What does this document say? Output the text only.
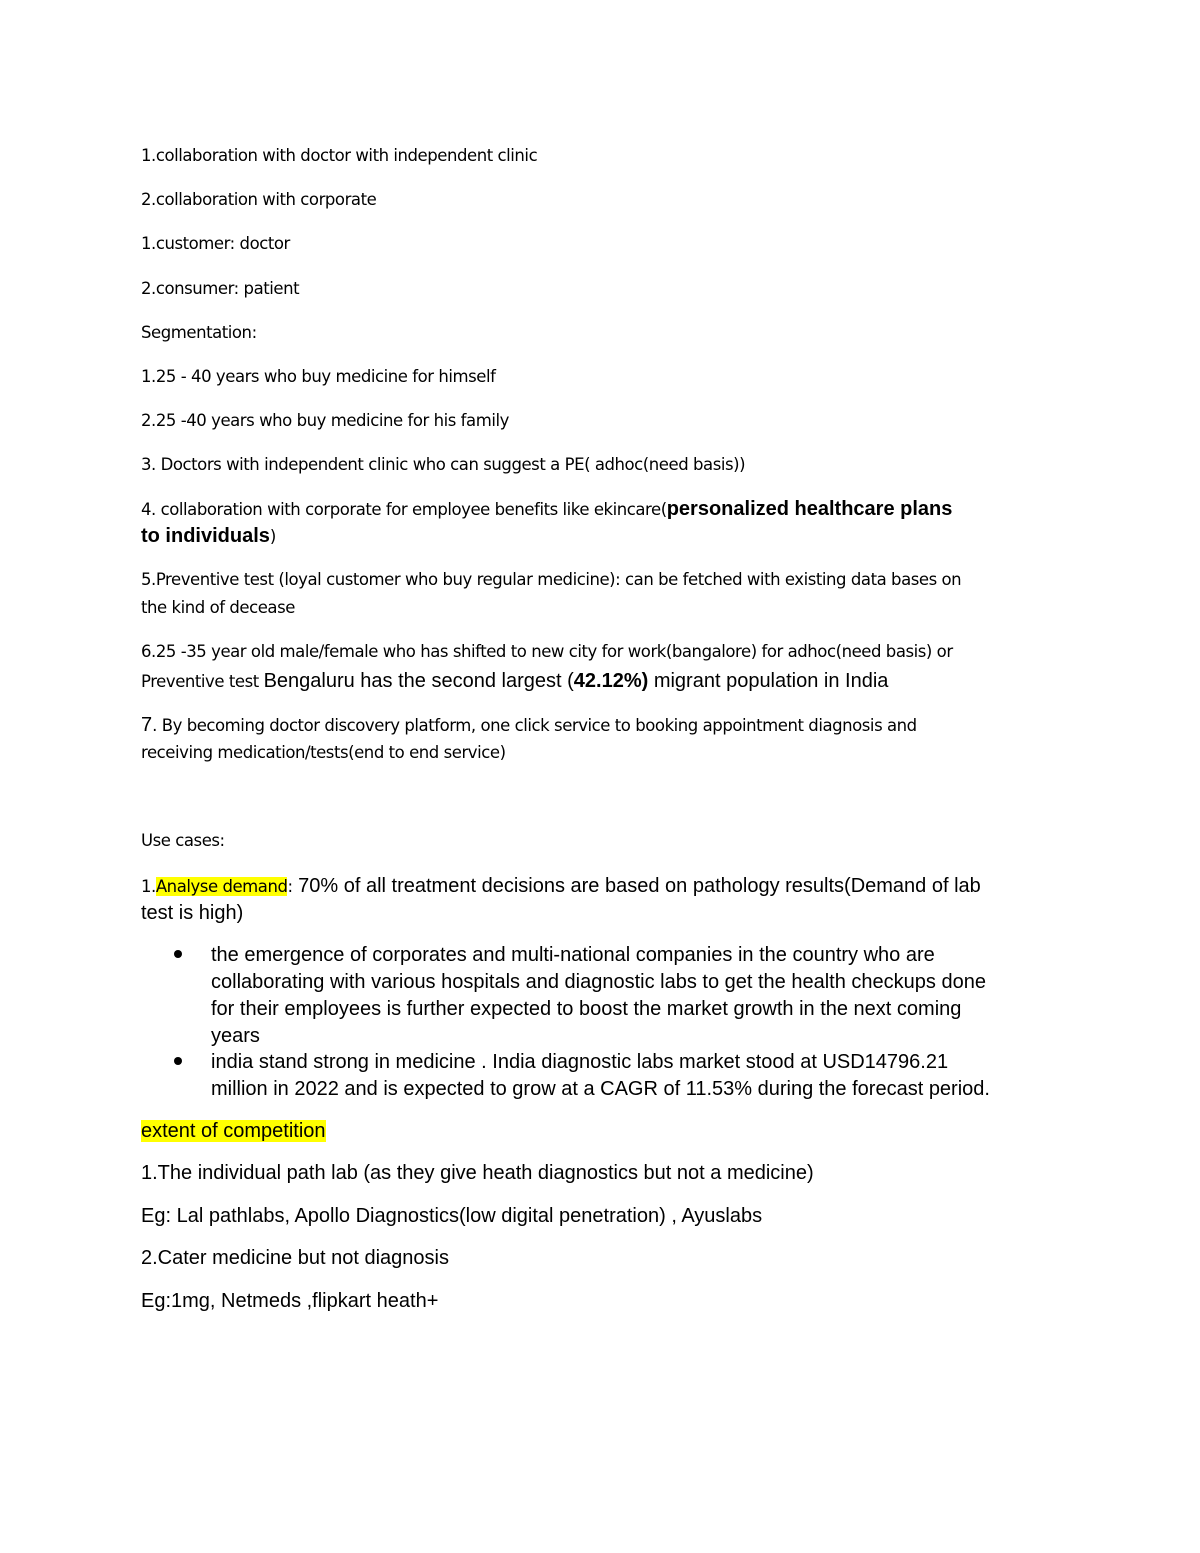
1.collaboration with doctor with independent clinic
2.collaboration with corporate
1.customer: doctor
2.consumer: patient
Segmentation:
1.25 - 40 years who buy medicine for himself
2.25 -40 years who buy medicine for his family
3. Doctors with independent clinic who can suggest a PE( adhoc(need basis))
4. collaboration with corporate for employee benefits like ekincare(personalized healthcare plans
to individuals)
5.Preventive test (loyal customer who buy regular medicine): can be fetched with existing data bases on
the kind of decease
6.25 -35 year old male/female who has shifted to new city for work(bangalore) for adhoc(need basis) or
Preventive test Bengaluru has the second largest (42.12%) migrant population in India
7. By becoming doctor discovery platform, one click service to booking appointment diagnosis and
receiving medication/tests(end to end service)
Use cases:
1.Analyse demand: 70% of all treatment decisions are based on pathology results(Demand of lab
test is high)
the emergence of corporates and multi-national companies in the country who are
collaborating with various hospitals and diagnostic labs to get the health checkups done
for their employees is further expected to boost the market growth in the next coming
years
india stand strong in medicine . India diagnostic labs market stood at USD14796.21
million in 2022 and is expected to grow at a CAGR of 11.53% during the forecast period.
extent of competition
1.The individual path lab (as they give heath diagnostics but not a medicine)
Eg: Lal pathlabs, Apollo Diagnostics(low digital penetration) , Ayuslabs
2.Cater medicine but not diagnosis
Eg:1mg, Netmeds ,flipkart heath+
